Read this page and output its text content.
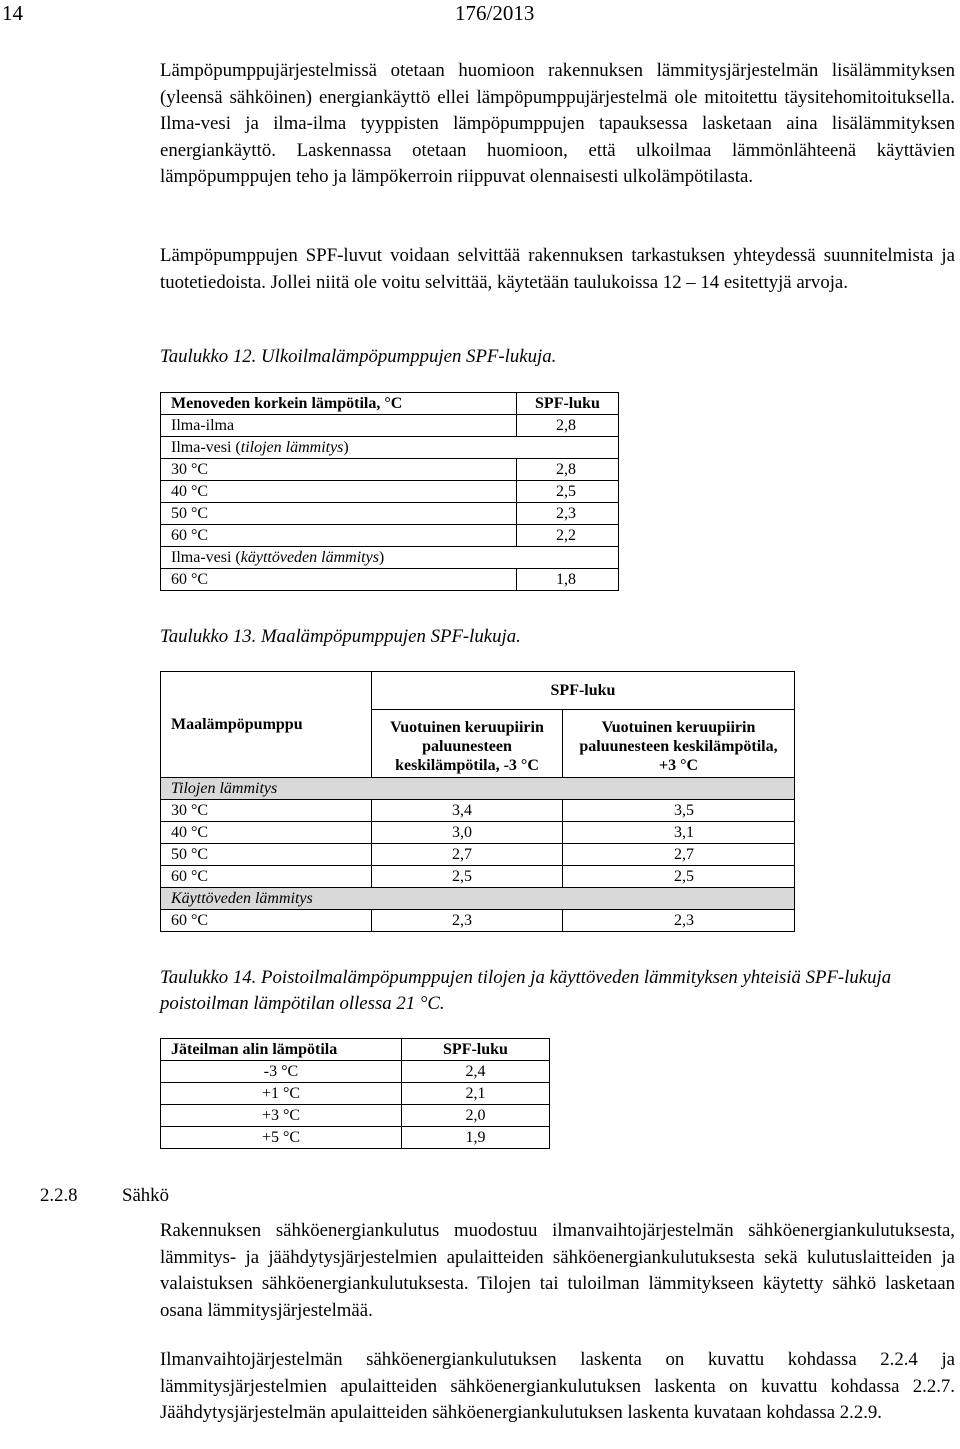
14	176/2013

Lämpöpumppujärjestelmissä otetaan huomioon rakennuksen lämmitysjärjestelmän lisälämmityksen (yleensä sähköinen) energiankäyttö ellei lämpöpumppujärjestelmä ole mitoitettu täysitehomitoituksella. Ilma-vesi ja ilma-ilma tyyppisten lämpöpumppujen tapauksessa lasketaan aina lisälämmityksen energiankäyttö. Laskennassa otetaan huomioon, että ulkoilmaa lämmönlähteenä käyttävien lämpöpumppujen teho ja lämpökerroin riippuvat olennaisesti ulkolämpötilasta.

Lämpöpumppujen SPF-luvut voidaan selvittää rakennuksen tarkastuksen yhteydessä suunnitelmista ja tuotetiedoista. Jollei niitä ole voitu selvittää, käytetään taulukoissa 12 – 14 esitettyjä arvoja.

Taulukko 12. Ulkoilmalämpöpumppujen SPF-lukuja.

Menoveden korkein lämpötila, °C	SPF-luku
Ilma-ilma	2,8
Ilma-vesi (tilojen lämmitys)	
30 °C	2,8
40 °C	2,5
50 °C	2,3
60 °C	2,2
Ilma-vesi (käyttöveden lämmitys)	
60 °C	1,8

Taulukko 13. Maalämpöpumppujen SPF-lukuja.

Maalämpöpumppu	SPF-luku	
	Vuotuinen keruupiirin paluunesteen keskilämpötila, -3 °C	Vuotuinen keruupiirin paluunesteen keskilämpötila, +3 °C
Tilojen lämmitys		
30 °C	3,4	3,5
40 °C	3,0	3,1
50 °C	2,7	2,7
60 °C	2,5	2,5
Käyttöveden lämmitys		
60 °C	2,3	2,3

Taulukko 14. Poistoilmalämpöpumppujen tilojen ja käyttöveden lämmityksen yhteisiä SPF-lukuja poistoilman lämpötilan ollessa 21 °C.

Jäteilman alin lämpötila	SPF-luku
-3 °C	2,4
+1 °C	2,1
+3 °C	2,0
+5 °C	1,9
2.2.8 Sähkö

Rakennuksen sähköenergiankulutus muodostuu ilmanvaihtojärjestelmän sähköenergiankulutuksesta, lämmitys- ja jäähdytysjärjestelmien apulaitteiden sähköenergiankulutuksesta sekä kulutuslaitteiden ja valaistuksen sähköenergiankulutuksesta. Tilojen tai tuloilman lämmitykseen käytetty sähkö lasketaan osana lämmitysjärjestelmää.

Ilmanvaihtojärjestelmän sähköenergiankulutuksen laskenta on kuvattu kohdassa 2.2.4 ja lämmitysjärjestelmien apulaitteiden sähköenergiankulutuksen laskenta on kuvattu kohdassa 2.2.7. Jäähdytysjärjestelmän apulaitteiden sähköenergiankulutuksen laskenta kuvataan kohdassa 2.2.9.
